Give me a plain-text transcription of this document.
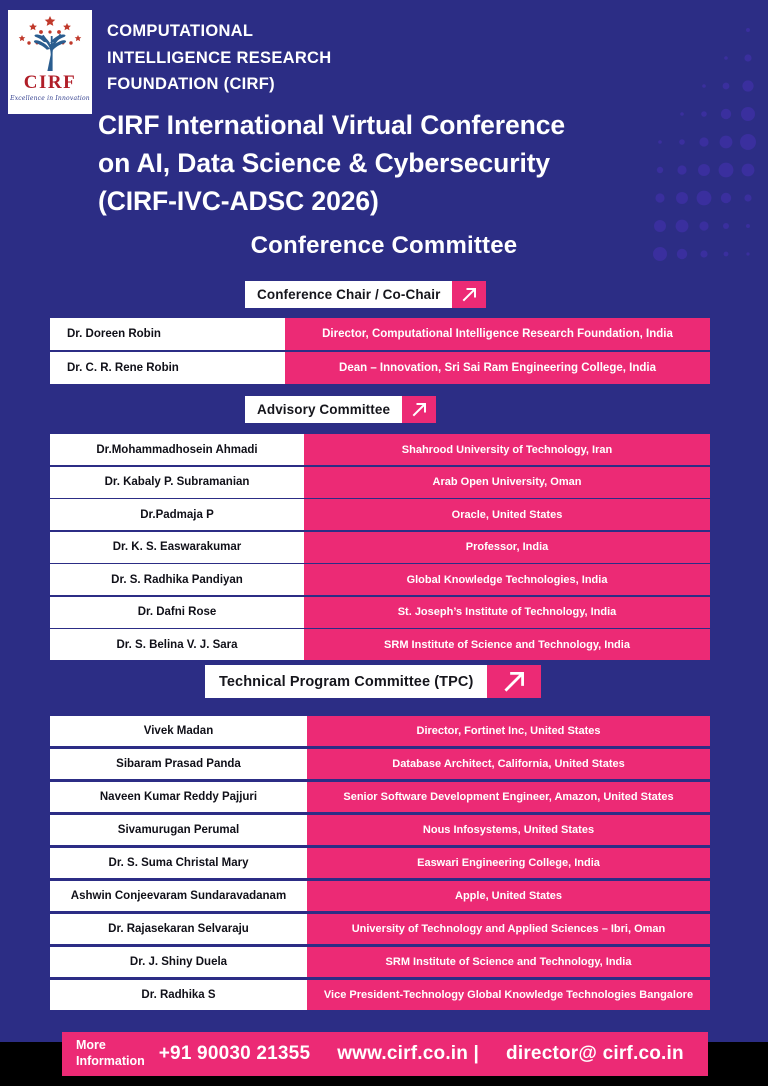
CIRF
Excellence in Innovation
COMPUTATIONAL
INTELLIGENCE RESEARCH
FOUNDATION (CIRF)
CIRF International Virtual Conference
on AI, Data Science & Cybersecurity
(CIRF-IVC-ADSC 2026)
Conference Committee
Conference Chair / Co-Chair
Dr. Doreen Robin	Director, Computational Intelligence Research Foundation, India
Dr. C. R. Rene Robin	Dean – Innovation, Sri Sai Ram Engineering College, India
Advisory Committee
Dr.Mohammadhosein Ahmadi	Shahrood University of Technology, Iran
Dr. Kabaly P. Subramanian	Arab Open University, Oman
Dr.Padmaja P	Oracle, United States
Dr. K. S. Easwarakumar	Professor, India
Dr. S. Radhika Pandiyan	Global Knowledge Technologies, India
Dr. Dafni Rose	St. Joseph’s Institute of Technology, India
Dr. S. Belina V. J. Sara	SRM Institute of Science and Technology, India
Technical Program Committee (TPC)
Vivek Madan	Director, Fortinet Inc, United States
Sibaram Prasad Panda	Database Architect, California, United States
Naveen Kumar Reddy Pajjuri	Senior Software Development Engineer, Amazon, United States
Sivamurugan Perumal	Nous Infosystems, United States
Dr. S. Suma Christal Mary	Easwari Engineering College, India
Ashwin Conjeevaram Sundaravadanam	Apple, United States
Dr. Rajasekaran Selvaraju	University of Technology and Applied Sciences – Ibri, Oman
Dr. J. Shiny Duela	SRM Institute of Science and Technology, India
Dr. Radhika S	Vice President-Technology Global Knowledge Technologies Bangalore
More
Information +91 90030 21355 www.cirf.co.in | director@ cirf.co.in
